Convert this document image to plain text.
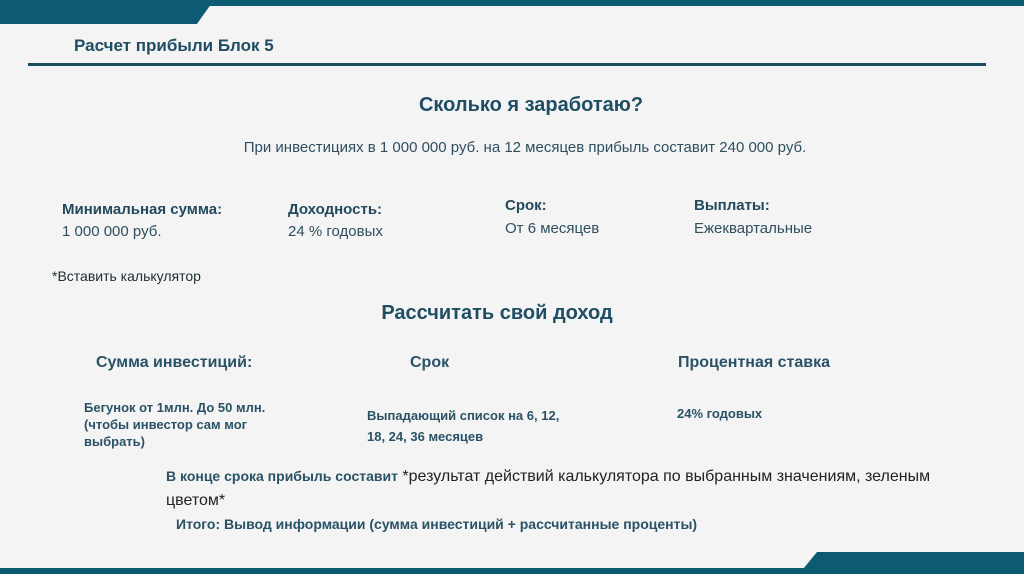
Расчет прибыли Блок 5
Сколько я заработаю?
При инвестициях в 1 000 000 руб. на 12 месяцев прибыль составит 240 000 руб.
Минимальная сумма:
1 000 000 руб.
Доходность:
24 % годовых
Срок:
От 6 месяцев
Выплаты:
Ежеквартальные
*Вставить калькулятор
Рассчитать свой доход
Сумма инвестиций:	Срок	Процентная ставка
Бегунок от 1млн. До 50 млн.
(чтобы инвестор сам мог
выбрать)
Выпадающий список на 6, 12,
18, 24, 36 месяцев
24% годовых
В конце срока прибыль составит *результат действий калькулятора по выбранным значениям, зеленым цветом*
Итого: Вывод информации (сумма инвестиций + рассчитанные проценты)
